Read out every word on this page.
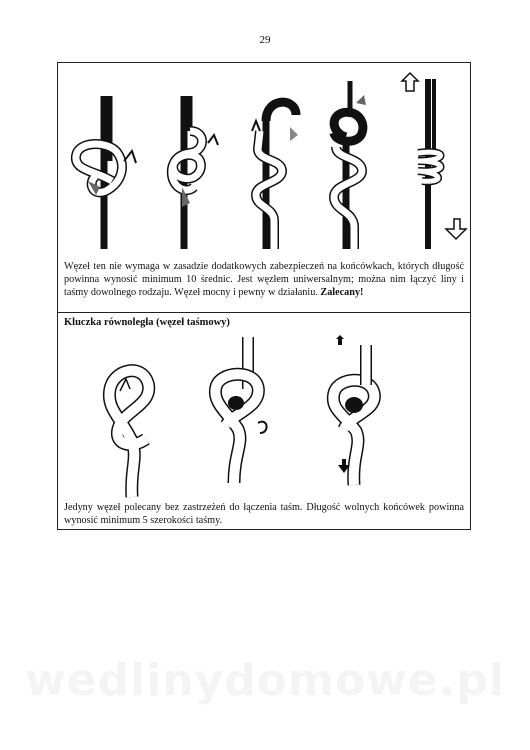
29
Węzeł ten nie wymaga w zasadzie dodatkowych zabezpieczeń na końcówkach, których długość powinna wynosić minimum 10 średnic. Jest węzłem uniwersalnym; można nim łączyć liny i taśmy dowolnego rodzaju. Węzeł mocny i pewny w działaniu. Zalecany!
Kluczka równoległa (węzeł taśmowy)
Jedyny węzeł polecany bez zastrzeżeń do łączenia taśm. Długość wolnych końcówek powinna wynosić minimum 5 szerokości taśmy.
wedlinydomowe.pl
